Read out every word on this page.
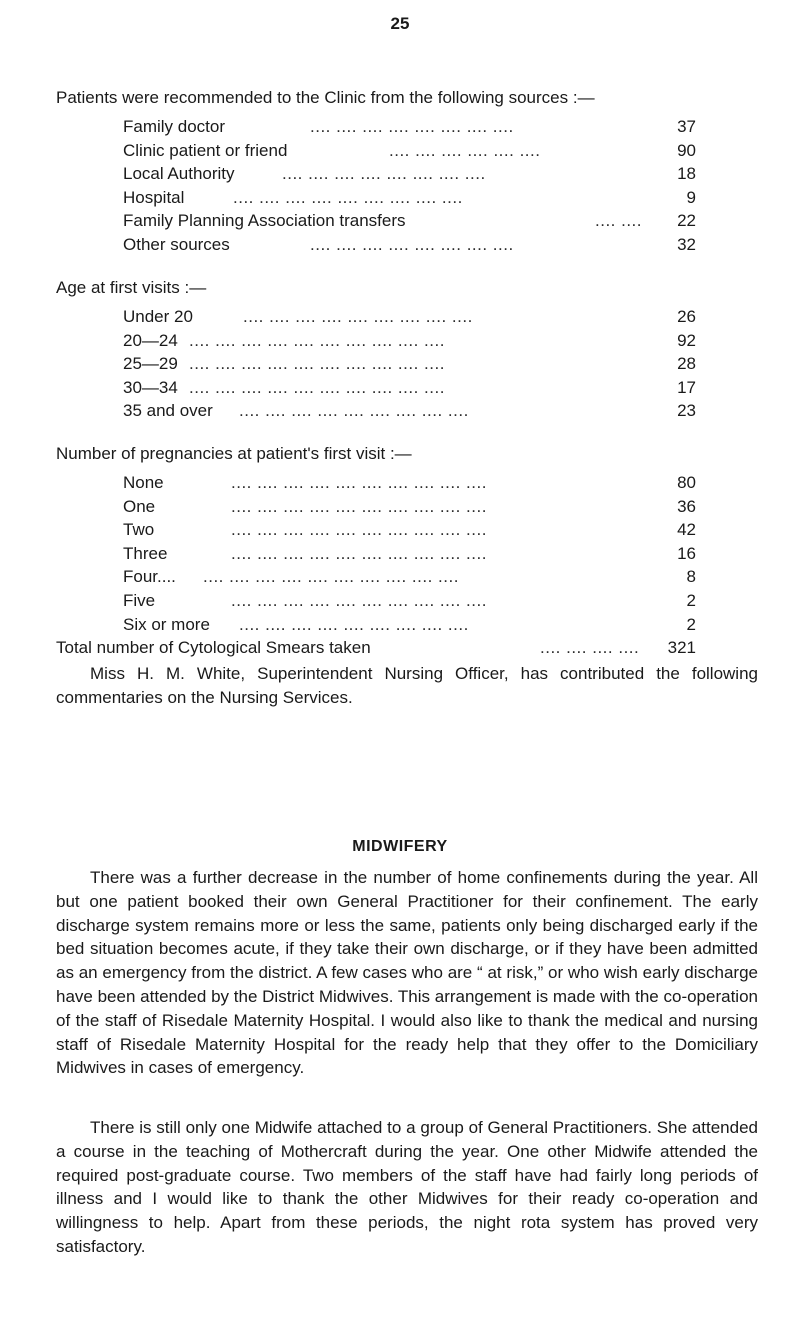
25
Patients were recommended to the Clinic from the following sources :—
Family doctor	.... .... .... .... .... .... .... ....	37
Clinic patient or friend	.... .... .... .... .... ....	90
Local Authority	.... .... .... .... .... .... .... ....	18
Hospital	.... .... .... .... .... .... .... .... ....	9
Family Planning Association transfers	.... .... 22
Other sources	.... .... .... .... .... .... .... ....	32
Age at first visits :—
Under 20	.... .... .... .... .... .... .... .... ....	26
20—24 .... .... .... .... .... .... .... .... .... ....	92
25—29 .... .... .... .... .... .... .... .... .... ....	28
30—34 .... .... .... .... .... .... .... .... .... ....	17
35 and over .... .... .... .... .... .... .... .... ....	23
Number of pregnancies at patient's first visit :—
None	.... .... .... .... .... .... .... .... .... ....	80
One	.... .... .... .... .... .... .... .... .... ....	36
Two	.... .... .... .... .... .... .... .... .... ....	42
Three	.... .... .... .... .... .... .... .... .... ....	16
Four.... .... .... .... .... .... .... .... .... .... ....	8
Five	.... .... .... .... .... .... .... .... .... ....	2
Six or more .... .... .... .... .... .... .... .... ....	2
Total number of Cytological Smears taken	.... .... .... .... 321
Miss H. M. White, Superintendent Nursing Officer, has contributed the following commentaries on the Nursing Services.
MIDWIFERY
There was a further decrease in the number of home confinements during the year. All but one patient booked their own General Practitioner for their confinement. The early discharge system remains more or less the same, patients only being discharged early if the bed situation becomes acute, if they take their own discharge, or if they have been admitted as an emergency from the district. A few cases who are “ at risk,” or who wish early discharge have been attended by the District Midwives. This arrangement is made with the co-operation of the staff of Risedale Maternity Hospital. I would also like to thank the medical and nursing staff of Risedale Maternity Hospital for the ready help that they offer to the Domiciliary Midwives in cases of emergency.
There is still only one Midwife attached to a group of General Practitioners. She attended a course in the teaching of Mothercraft during the year. One other Midwife attended the required post-graduate course. Two members of the staff have had fairly long periods of illness and I would like to thank the other Midwives for their ready co-operation and willingness to help. Apart from these periods, the night rota system has proved very satisfactory.
